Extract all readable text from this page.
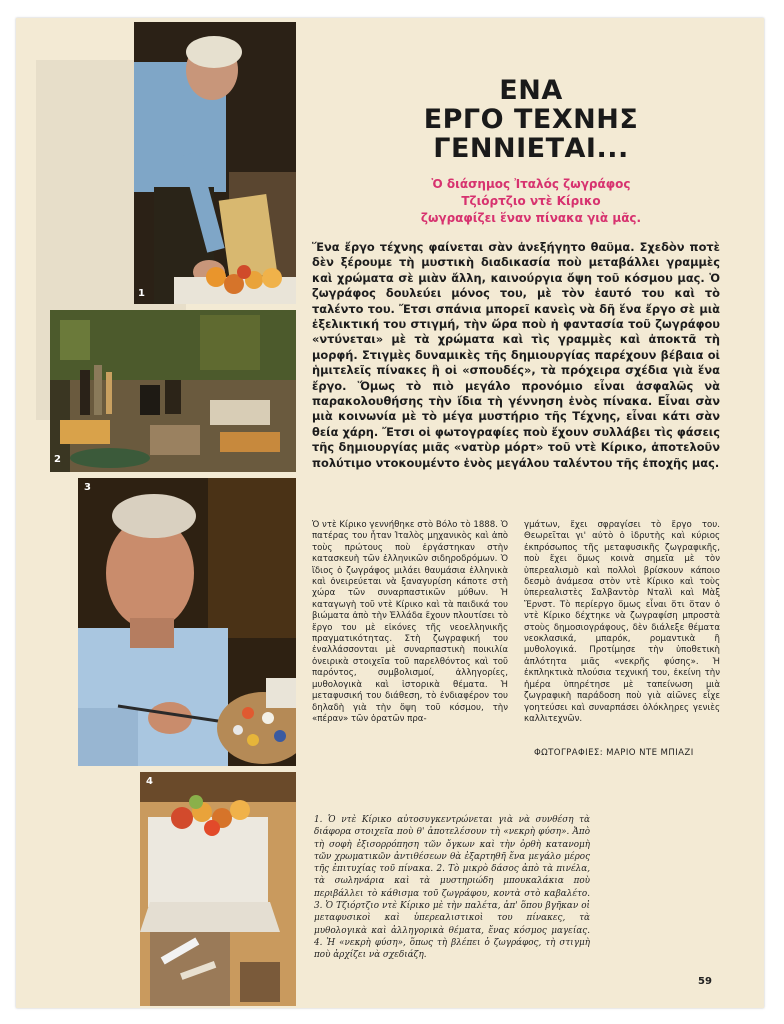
1
2
3
4
ΕΝΑ
ΕΡΓΟ ΤΕΧΝΗΣ
ΓΕΝΝΙΕΤΑΙ...
Ὁ διάσημος Ἰταλός ζωγράφος
Τζιόρτζιο ντὲ Κίρικο
ζωγραφίζει ἕναν πίνακα γιὰ μᾶς.
Ἕνα ἔργο τέχνης φαίνεται σὰν ἀνεξήγητο θαῦμα. Σχεδὸν ποτὲ δὲν ξέρουμε τὴ μυστικὴ διαδικασία ποὺ μεταβάλλει γραμμὲς καὶ χρώματα σὲ μιὰν ἄλλη, καινούργια ὄψη τοῦ κόσμου μας. Ὁ ζωγράφος δουλεύει μόνος του, μὲ τὸν ἑαυτό του καὶ τὸ ταλέντο του. Ἔτσι σπάνια μπορεῖ κανεὶς νὰ δῆ ἕνα ἔργο σὲ μιὰ ἐξελικτική του στιγμή, τὴν ὥρα ποὺ ἡ φαντασία τοῦ ζωγράφου «ντύνεται» μὲ τὰ χρώματα καὶ τὶς γραμμὲς καὶ ἀποκτᾶ τὴ μορφή. Στιγμὲς δυναμικὲς τῆς δημιουργίας παρέχουν βέβαια οἱ ἡμιτελεῖς πίνακες ἢ οἱ «σπουδές», τὰ πρόχειρα σχέδια γιὰ ἕνα ἔργο. Ὅμως τὸ πιὸ μεγάλο προνόμιο εἶναι ἀσφαλῶς νὰ παρακολουθήσης τὴν ἴδια τὴ γέννηση ἑνὸς πίνακα. Εἶναι σὰν μιὰ κοινωνία μὲ τὸ μέγα μυστήριο τῆς Τέχνης, εἶναι κάτι σὰν θεία χάρη. Ἔτσι οἱ φωτογραφίες ποὺ ἔχουν συλλάβει τὶς φάσεις τῆς δημιουργίας μιᾶς «νατὺρ μόρτ» τοῦ ντὲ Κίρικο, ἀποτελοῦν πολύτιμο ντοκουμέντο ἑνὸς μεγάλου ταλέντου τῆς ἐποχῆς μας.
Ὁ ντὲ Κίρικο γεννήθηκε στὸ Βόλο τὸ 1888. Ὁ πατέρας του ἦταν Ἰταλὸς μηχανικὸς καὶ ἀπὸ τοὺς πρώτους ποὺ ἐργάστηκαν στὴν κατασκευὴ τῶν ἑλληνικῶν σιδηροδρόμων. Ὁ ἴδιος ὁ ζωγράφος μιλάει θαυμάσια ἑλληνικὰ καὶ ὀνειρεύεται νὰ ξαναγυρίση κάποτε στὴ χώρα τῶν συναρπαστικῶν μύθων. Ἡ καταγωγὴ τοῦ ντὲ Κίρικο καὶ τὰ παιδικά του βιώματα ἀπὸ τὴν Ἑλλάδα ἔχουν πλουτίσει τὸ ἔργο του μὲ εἰκόνες τῆς νεοελληνικῆς πραγματικότητας. Στὴ ζωγραφική του ἐναλλάσσονται μὲ συναρπαστικὴ ποικιλία ὀνειρικὰ στοιχεῖα τοῦ παρελθόντος καὶ τοῦ παρόντος, συμβολισμοί, ἀλληγορίες, μυθολογικὰ καὶ ἱστορικὰ θέματα. Ἡ μεταφυσική του διάθεση, τὸ ἐνδιαφέρον του δηλαδὴ γιὰ τὴν ὄψη τοῦ κόσμου, τὴν «πέραν» τῶν ὁρατῶν πρα-
γμάτων, ἔχει σφραγίσει τὸ ἔργο του. Θεωρεῖται γι' αὐτὸ ὁ ἱδρυτὴς καὶ κύριος ἐκπρόσωπος τῆς μεταφυσικῆς ζωγραφικῆς, ποὺ ἔχει ὅμως κοινὰ σημεῖα μὲ τὸν ὑπερεαλισμὸ καὶ πολλοὶ βρίσκουν κάποιο δεσμὸ ἀνάμεσα στὸν ντὲ Κίρικο καὶ τοὺς ὑπερεαλιστὲς Σαλβαντὸρ Νταλὶ καὶ Μὰξ Ἔρνστ. Τὸ περίεργο ὅμως εἶναι ὅτι ὅταν ὁ ντὲ Κίρικο δέχτηκε νὰ ζωγραφίση μπροστὰ στοὺς δημοσιογράφους, δὲν διάλεξε θέματα νεοκλασικά, μπαρόκ, ρομαντικὰ ἢ μυθολογικά. Προτίμησε τὴν ὑποθετικὴ ἀπλότητα μιᾶς «νεκρῆς φύσης». Ἡ ἐκπληκτικὰ πλούσια τεχνική του, ἐκείνη τὴν ἡμέρα ὑπηρέτησε μὲ ταπείνωση μιὰ ζωγραφικὴ παράδοση ποὺ γιὰ αἰῶνες εἶχε γοητεύσει καὶ συναρπάσει ὁλόκληρες γενιὲς καλλιτεχνῶν.
ΦΩΤΟΓΡΑΦΙΕΣ: ΜΑΡΙΟ ΝΤΕ ΜΠΙΑΖΙ
1. Ὁ ντὲ Κίρικο αὐτοσυγκεντρώνεται γιὰ νὰ συνθέση τὰ διάφορα στοιχεῖα ποὺ θ' ἀποτελέσουν τὴ «νεκρὴ φύση». Ἀπὸ τὴ σοφὴ ἐξισορρόπηση τῶν ὄγκων καὶ τὴν ὀρθὴ κατανομὴ τῶν χρωματικῶν ἀντιθέσεων θὰ ἐξαρτηθῆ ἕνα μεγάλο μέρος τῆς ἐπιτυχίας τοῦ πίνακα. 2. Τὸ μικρὸ δάσος ἀπὸ τὰ πινέλα, τὰ σωληνάρια καὶ τὰ μυστηριώδη μπουκαλάκια ποὺ περιβάλλει τὸ κάθισμα τοῦ ζωγράφου, κοντὰ στὸ καβαλέτο. 3. Ὁ Τζιόρτζιο ντὲ Κίρικο μὲ τὴν παλέτα, ἀπ' ὅπου βγῆκαν οἱ μεταφυσικοὶ καὶ ὑπερεαλιστικοὶ του πίνακες, τὰ μυθολογικὰ καὶ ἀλληγορικὰ θέματα, ἕνας κόσμος μαγείας. 4. Ἡ «νεκρὴ φύση», ὅπως τὴ βλέπει ὁ ζωγράφος, τὴ στιγμὴ ποὺ ἀρχίζει νὰ σχεδιάζη.
59
